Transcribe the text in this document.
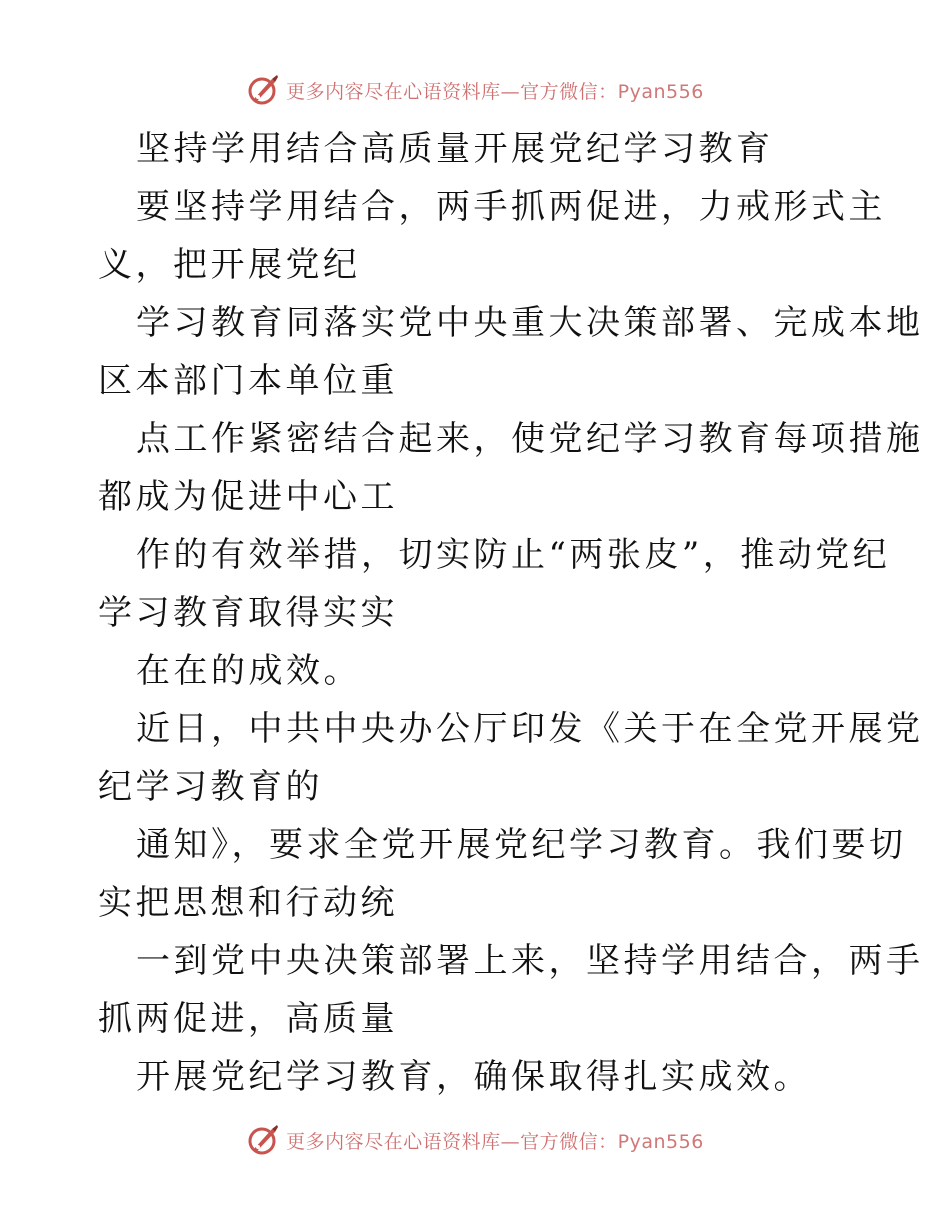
更多内容尽在心语资料库—官方微信：Pyan556
坚持学用结合高质量开展党纪学习教育
要坚持学用结合，两手抓两促进，力戒形式主
义，把开展党纪
学习教育同落实党中央重大决策部署、完成本地
区本部门本单位重
点工作紧密结合起来，使党纪学习教育每项措施
都成为促进中心工
作的有效举措，切实防止“两张皮”，推动党纪
学习教育取得实实
在在的成效。
近日，中共中央办公厅印发《关于在全党开展党
纪学习教育的
通知》，要求全党开展党纪学习教育。我们要切
实把思想和行动统
一到党中央决策部署上来，坚持学用结合，两手
抓两促进，高质量
开展党纪学习教育，确保取得扎实成效。
更多内容尽在心语资料库—官方微信：Pyan556
